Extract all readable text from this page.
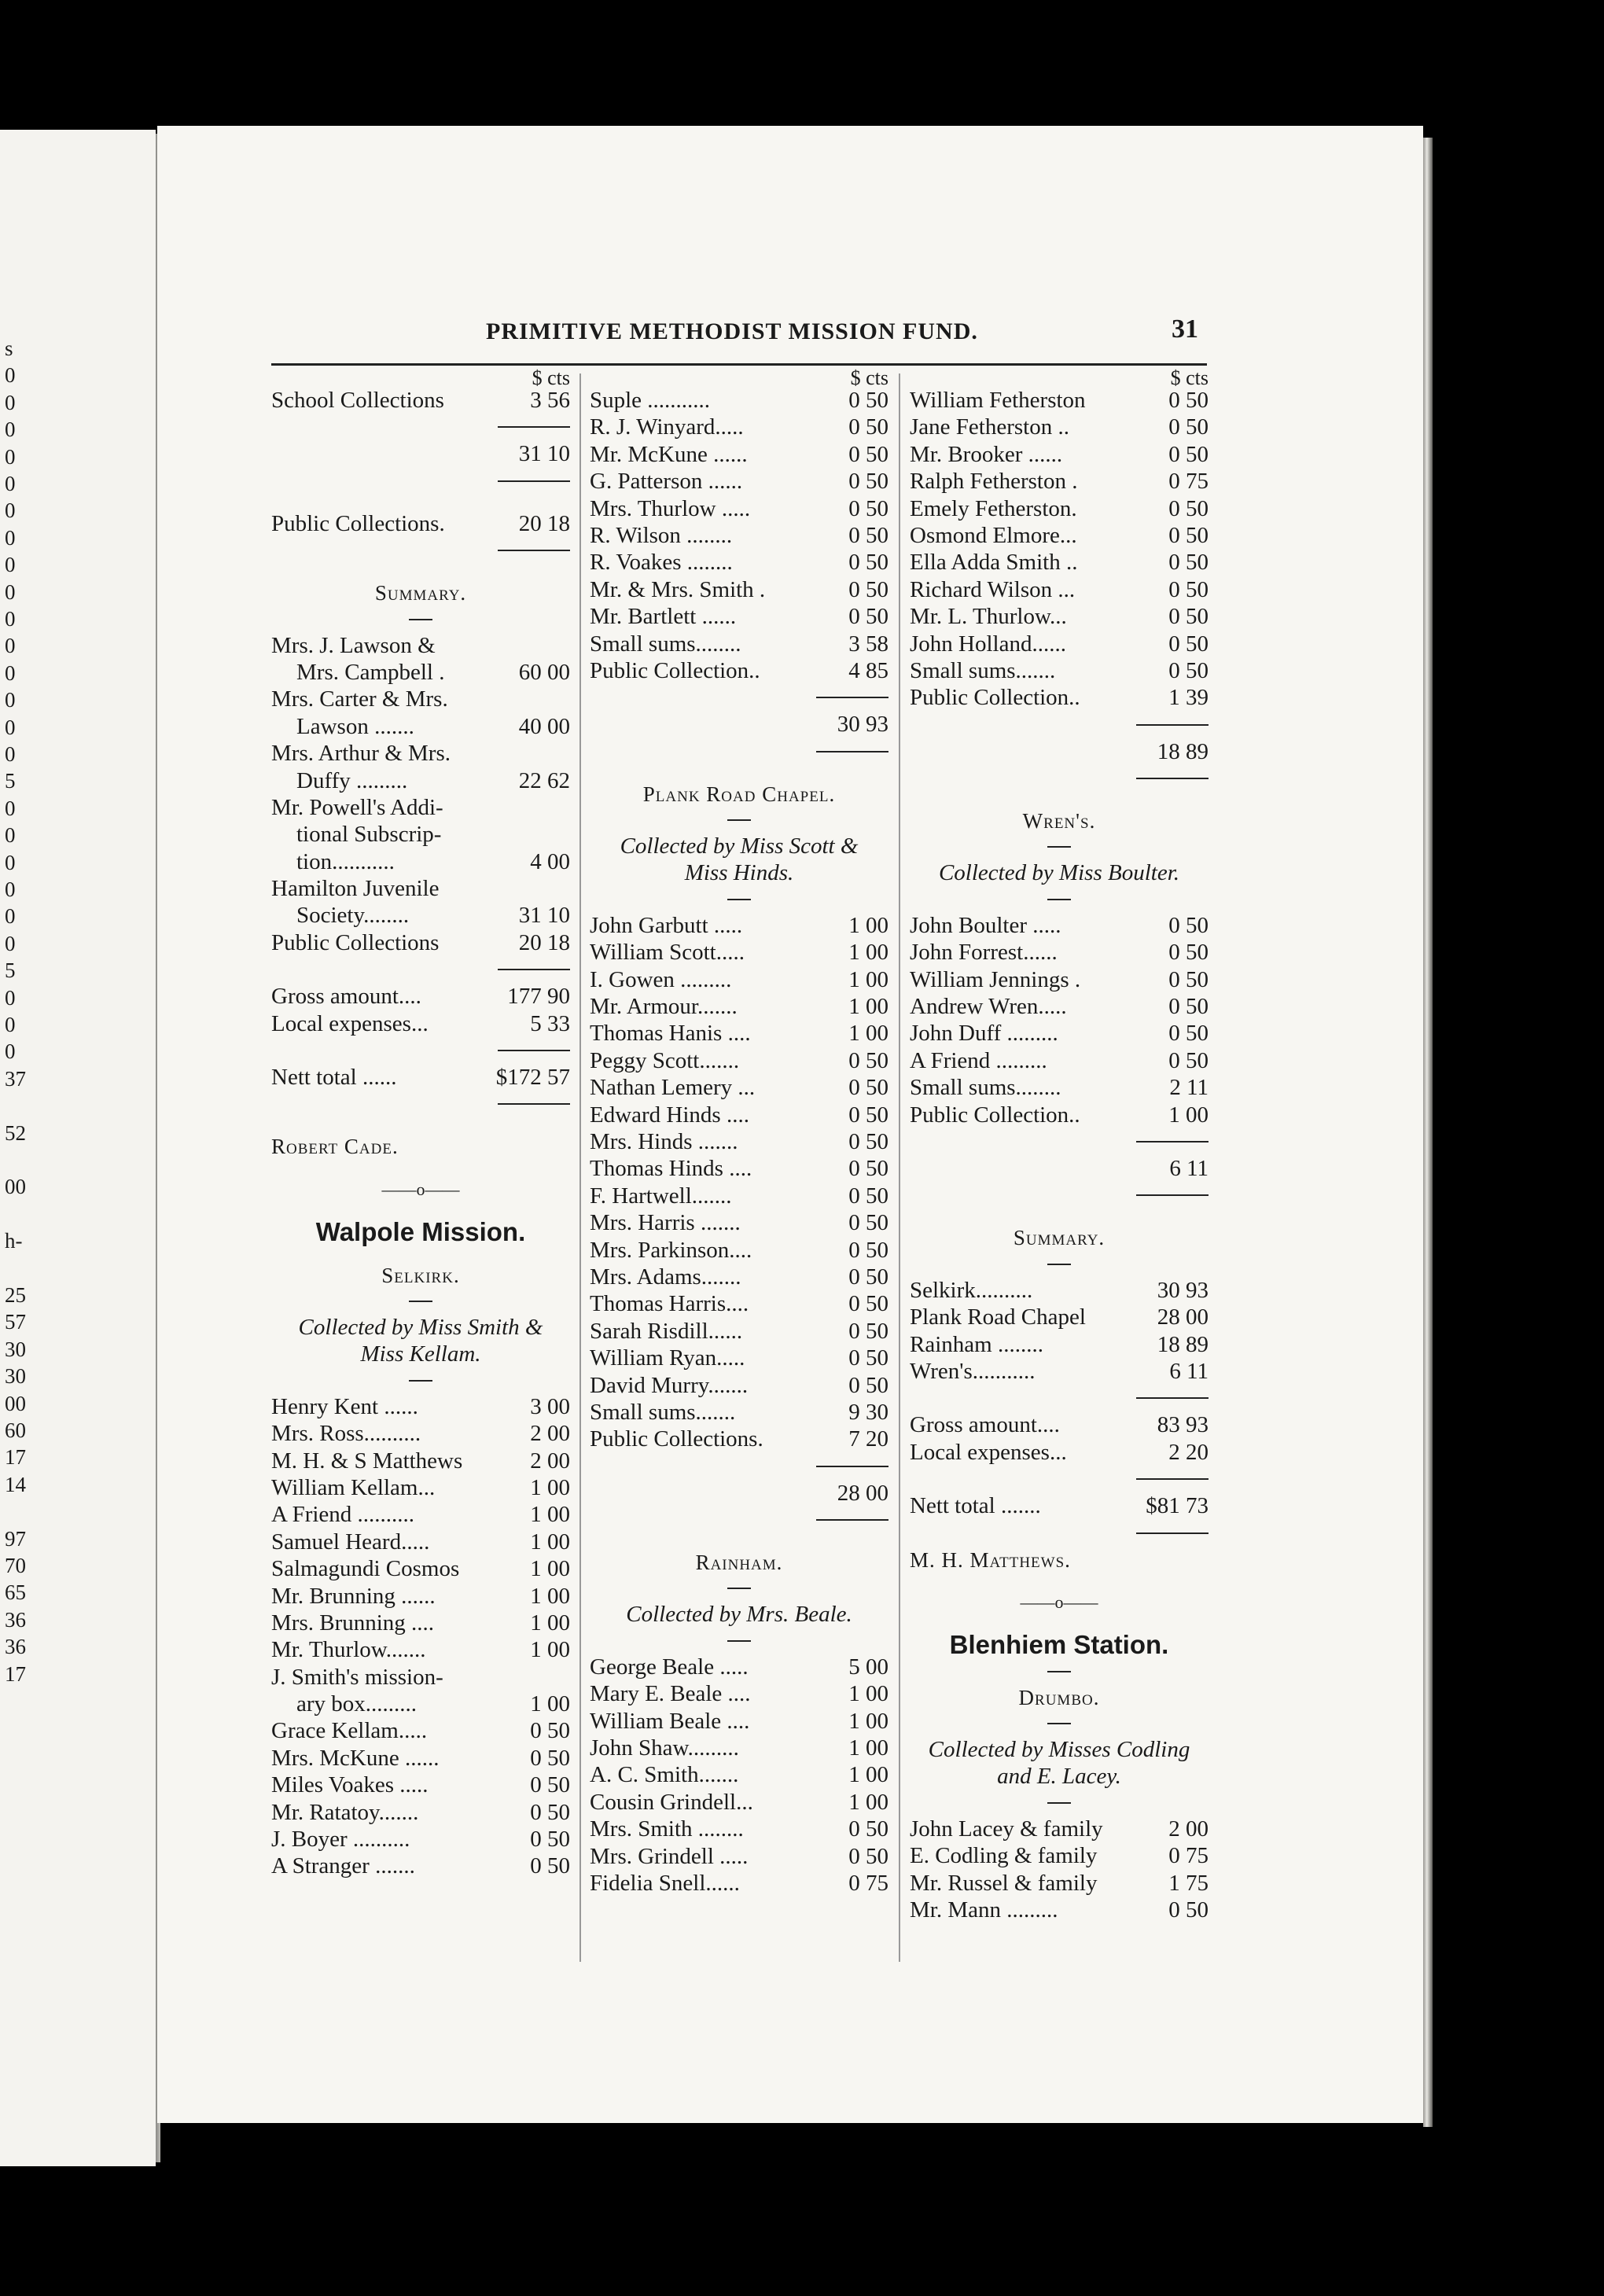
s
0
0
0
0
0
0
0
0
0
0
0
0
0
0
0
5
0
0
0
0
0
0
5
0
0
0
37
52
00
h-
25
57
30
30
00
60
17
14
97
70
65
36
36
17
PRIMITIVE METHODIST MISSION FUND.	31
$ cts
School Collections	3 56
31 10
Public Collections.	20 18
Summary.
Mrs. J. Lawson &
Mrs. Campbell .	60 00
Mrs. Carter & Mrs.
Lawson .......	40 00
Mrs. Arthur & Mrs.
Duffy .........	22 62
Mr. Powell's Addi-
tional Subscrip-
tion...........	4 00
Hamilton Juvenile
Society........	31 10
Public Collections	20 18
Gross amount....	177 90
Local expenses...	5 33
Nett total ......	$172 57
Robert Cade.
——o——
Walpole Mission.
Selkirk.
Collected by Miss Smith &
Miss Kellam.
Henry Kent ......	3 00
Mrs. Ross..........	2 00
M. H. & S Matthews	2 00
William Kellam...	1 00
A Friend ..........	1 00
Samuel Heard.....	1 00
Salmagundi Cosmos	1 00
Mr. Brunning ......	1 00
Mrs. Brunning ....	1 00
Mr. Thurlow.......	1 00
J. Smith's mission-
ary box.........	1 00
Grace Kellam.....	0 50
Mrs. McKune ......	0 50
Miles Voakes .....	0 50
Mr. Ratatoy.......	0 50
J. Boyer ..........	0 50
A Stranger .......	0 50
$ cts
Suple ...........	0 50
R. J. Winyard.....	0 50
Mr. McKune ......	0 50
G. Patterson ......	0 50
Mrs. Thurlow .....	0 50
R. Wilson ........	0 50
R. Voakes ........	0 50
Mr. & Mrs. Smith .	0 50
Mr. Bartlett ......	0 50
Small sums........	3 58
Public Collection..	4 85
30 93
Plank Road Chapel.
Collected by Miss Scott &
Miss Hinds.
John Garbutt .....	1 00
William Scott.....	1 00
I. Gowen .........	1 00
Mr. Armour.......	1 00
Thomas Hanis ....	1 00
Peggy Scott.......	0 50
Nathan Lemery ...	0 50
Edward Hinds ....	0 50
Mrs. Hinds .......	0 50
Thomas Hinds ....	0 50
F. Hartwell.......	0 50
Mrs. Harris .......	0 50
Mrs. Parkinson....	0 50
Mrs. Adams.......	0 50
Thomas Harris....	0 50
Sarah Risdill......	0 50
William Ryan.....	0 50
David Murry.......	0 50
Small sums.......	9 30
Public Collections.	7 20
28 00
Rainham.
Collected by Mrs. Beale.
George Beale .....	5 00
Mary E. Beale ....	1 00
William Beale ....	1 00
John Shaw.........	1 00
A. C. Smith.......	1 00
Cousin Grindell...	1 00
Mrs. Smith ........	0 50
Mrs. Grindell .....	0 50
Fidelia Snell......	0 75
$ cts
William Fetherston	0 50
Jane Fetherston ..	0 50
Mr. Brooker ......	0 50
Ralph Fetherston .	0 75
Emely Fetherston.	0 50
Osmond Elmore...	0 50
Ella Adda Smith ..	0 50
Richard Wilson ...	0 50
Mr. L. Thurlow...	0 50
John Holland......	0 50
Small sums.......	0 50
Public Collection..	1 39
18 89
Wren's.
Collected by Miss Boulter.
John Boulter .....	0 50
John Forrest......	0 50
William Jennings .	0 50
Andrew Wren.....	0 50
John Duff .........	0 50
A Friend .........	0 50
Small sums........	2 11
Public Collection..	1 00
6 11
Summary.
Selkirk..........	30 93
Plank Road Chapel	28 00
Rainham ........	18 89
Wren's...........	6 11
Gross amount....	83 93
Local expenses...	2 20
Nett total .......	$81 73
M. H. Matthews.
——o——
Blenhiem Station.
Drumbo.
Collected by Misses Codling
and E. Lacey.
John Lacey & family	2 00
E. Codling & family	0 75
Mr. Russel & family	1 75
Mr. Mann .........	0 50
